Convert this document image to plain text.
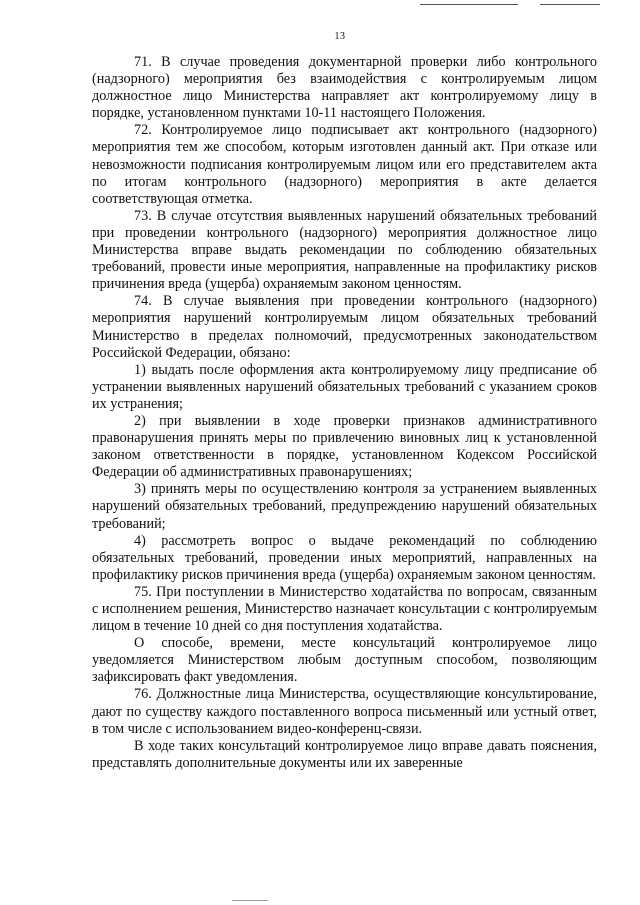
13

71. В случае проведения документарной проверки либо контрольного (надзорного) мероприятия без взаимодействия с контролируемым лицом должностное лицо Министерства направляет акт контролируемому лицу в порядке, установленном пунктами 10-11 настоящего Положения.

72. Контролируемое лицо подписывает акт контрольного (надзорного) мероприятия тем же способом, которым изготовлен данный акт. При отказе или невозможности подписания контролируемым лицом или его представителем акта по итогам контрольного (надзорного) мероприятия в акте делается соответствующая отметка.

73. В случае отсутствия выявленных нарушений обязательных требований при проведении контрольного (надзорного) мероприятия должностное лицо Министерства вправе выдать рекомендации по соблюдению обязательных требований, провести иные мероприятия, направленные на профилактику рисков причинения вреда (ущерба) охраняемым законом ценностям.

74. В случае выявления при проведении контрольного (надзорного) мероприятия нарушений контролируемым лицом обязательных требований Министерство в пределах полномочий, предусмотренных законодательством Российской Федерации, обязано:

1) выдать после оформления акта контролируемому лицу предписание об устранении выявленных нарушений обязательных требований с указанием сроков их устранения;

2) при выявлении в ходе проверки признаков административного правонарушения принять меры по привлечению виновных лиц к установленной законом ответственности в порядке, установленном Кодексом Российской Федерации об административных правонарушениях;

3) принять меры по осуществлению контроля за устранением выявленных нарушений обязательных требований, предупреждению нарушений обязательных требований;

4) рассмотреть вопрос о выдаче рекомендаций по соблюдению обязательных требований, проведении иных мероприятий, направленных на профилактику рисков причинения вреда (ущерба) охраняемым законом ценностям.

75. При поступлении в Министерство ходатайства по вопросам, связанным с исполнением решения, Министерство назначает консультации с контролируемым лицом в течение 10 дней со дня поступления ходатайства.

О способе, времени, месте консультаций контролируемое лицо уведомляется Министерством любым доступным способом, позволяющим зафиксировать факт уведомления.

76. Должностные лица Министерства, осуществляющие консультирование, дают по существу каждого поставленного вопроса письменный или устный ответ, в том числе с использованием видео-конференц-связи.

В ходе таких консультаций контролируемое лицо вправе давать пояснения, представлять дополнительные документы или их заверенные
